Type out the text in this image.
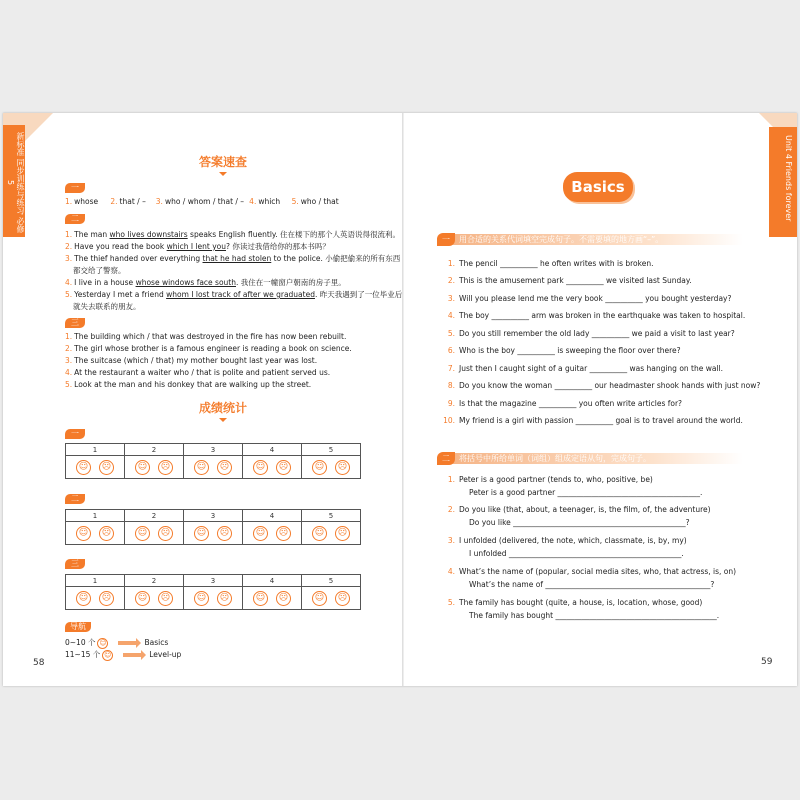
新标准 同步训练与练习 必修 5
58
答案速查
一
1. whose 2. that / – 3. who / whom / that / – 4. which 5. who / that
二
1. The man who lives downstairs speaks English fluently. 住在楼下的那个人英语说得很流利。
2. Have you read the book which I lent you? 你读过我借给你的那本书吗？
3. The thief handed over everything that he had stolen to the police. 小偷把偷来的所有东西
都交给了警察。
4. I live in a house whose windows face south. 我住在一幢窗户朝南的房子里。
5. Yesterday I met a friend whom I lost track of after we graduated. 昨天我遇到了一位毕业后
就失去联系的朋友。
三
1. The building which / that was destroyed in the fire has now been rebuilt.
2. The girl whose brother is a famous engineer is reading a book on science.
3. The suitcase (which / that) my mother bought last year was lost.
4. At the restaurant a waiter who / that is polite and patient served us.
5. Look at the man and his donkey that are walking up the street.
成绩统计
一
1	2	3	4	5
☺ ☹	☺ ☹	☺ ☹	☺ ☹	☺ ☹
二
1	2	3	4	5
☺ ☹	☺ ☹	☺ ☹	☺ ☹	☺ ☹
三
1	2	3	4	5
☺ ☹	☺ ☹	☺ ☹	☺ ☹	☺ ☹
导航
0~10 个 ☺	Basics
11~15 个 ☺	Level-up
Unit 4 Friends forever
59
Basics
一	用合适的关系代词填空完成句子。不需要填的地方画“–”。
1. The pencil __________ he often writes with is broken.
2. This is the amusement park __________ we visited last Sunday.
3. Will you please lend me the very book __________ you bought yesterday?
4. The boy __________ arm was broken in the earthquake was taken to hospital.
5. Do you still remember the old lady __________ we paid a visit to last year?
6. Who is the boy __________ is sweeping the floor over there?
7. Just then I caught sight of a guitar __________ was hanging on the wall.
8. Do you know the woman __________ our headmaster shook hands with just now?
9. Is that the magazine __________ you often write articles for?
10. My friend is a girl with passion __________ goal is to travel around the world.
二	将括号中所给单词（词组）组成定语从句，完成句子。
1. Peter is a good partner (tends to, who, positive, be)
Peter is a good partner ______________________________________.
2. Do you like (that, about, a teenager, is, the film, of, the adventure)
Do you like ______________________________________________?
3. I unfolded (delivered, the note, which, classmate, is, by, my)
I unfolded ______________________________________________.
4. What’s the name of (popular, social media sites, who, that actress, is, on)
What’s the name of ____________________________________________?
5. The family has bought (quite, a house, is, location, whose, good)
The family has bought ___________________________________________.
